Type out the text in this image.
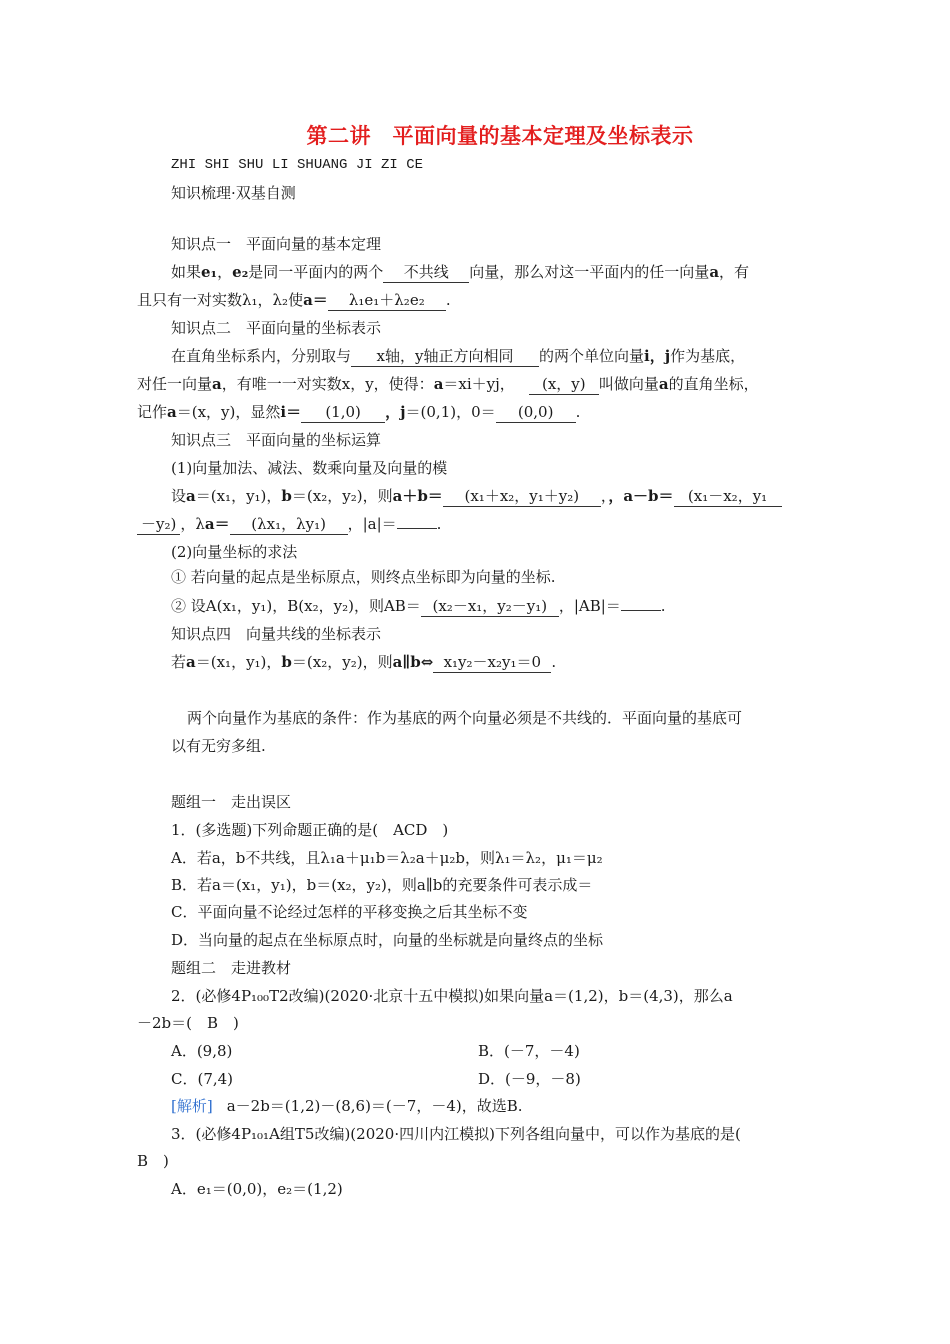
第二讲　平面向量的基本定理及坐标表示
ZHI SHI SHU LI SHUANG JI ZI CE
知识梳理·双基自测
知识点一　平面向量的基本定理
如果e₁，e₂是同一平面内的两个 不共线 向量，那么对这一平面内的任一向量a，有
且只有一对实数λ₁，λ₂使a＝ λ₁e₁＋λ₂e₂ .
知识点二　平面向量的坐标表示
在直角坐标系内，分别取与 x轴，y轴正方向相同 的两个单位向量i，j作为基底，
对任一向量a，有唯一一对实数x，y，使得：a＝xi＋yj， (x，y) 叫做向量a的直角坐标，
记作a＝(x，y)，显然i＝ (1,0) ，j＝(0,1)，0＝ (0,0) .
知识点三　平面向量的坐标运算
(1)向量加法、减法、数乘向量及向量的模
设a＝(x₁，y₁)，b＝(x₂，y₂)，则a＋b＝ (x₁＋x₂，y₁＋y₂) ，，a－b＝ (x₁－x₂，y₁
－y₂) ，λa＝ (λx₁，λy₁) ，|a|＝	.
(2)向量坐标的求法
① 若向量的起点是坐标原点，则终点坐标即为向量的坐标.
② 设A(x₁，y₁)，B(x₂，y₂)，则AB＝ (x₂－x₁，y₂－y₁) ，|AB|＝	.
知识点四　向量共线的坐标表示
若a＝(x₁，y₁)，b＝(x₂，y₂)，则a∥b⇔ x₁y₂－x₂y₁＝0 .
两个向量作为基底的条件：作为基底的两个向量必须是不共线的．平面向量的基底可
以有无穷多组.
题组一　走出误区
1．(多选题)下列命题正确的是(　ACD　)
A．若a，b不共线，且λ₁a＋μ₁b＝λ₂a＋μ₂b，则λ₁＝λ₂，μ₁＝μ₂
B．若a＝(x₁，y₁)，b＝(x₂，y₂)，则a∥b的充要条件可表示成＝
C．平面向量不论经过怎样的平移变换之后其坐标不变
D．当向量的起点在坐标原点时，向量的坐标就是向量终点的坐标
题组二　走进教材
2．(必修4P₁₀₀T2改编)(2020·北京十五中模拟)如果向量a＝(1,2)，b＝(4,3)，那么a
－2b＝(　B　)
A．(9,8)	B．(－7，－4)
C．(7,4)	D．(－9，－8)
[解析] a－2b＝(1,2)－(8,6)＝(－7，－4)，故选B.
3．(必修4P₁₀₁A组T5改编)(2020·四川内江模拟)下列各组向量中，可以作为基底的是(
B　)
A．e₁＝(0,0)，e₂＝(1,2)
